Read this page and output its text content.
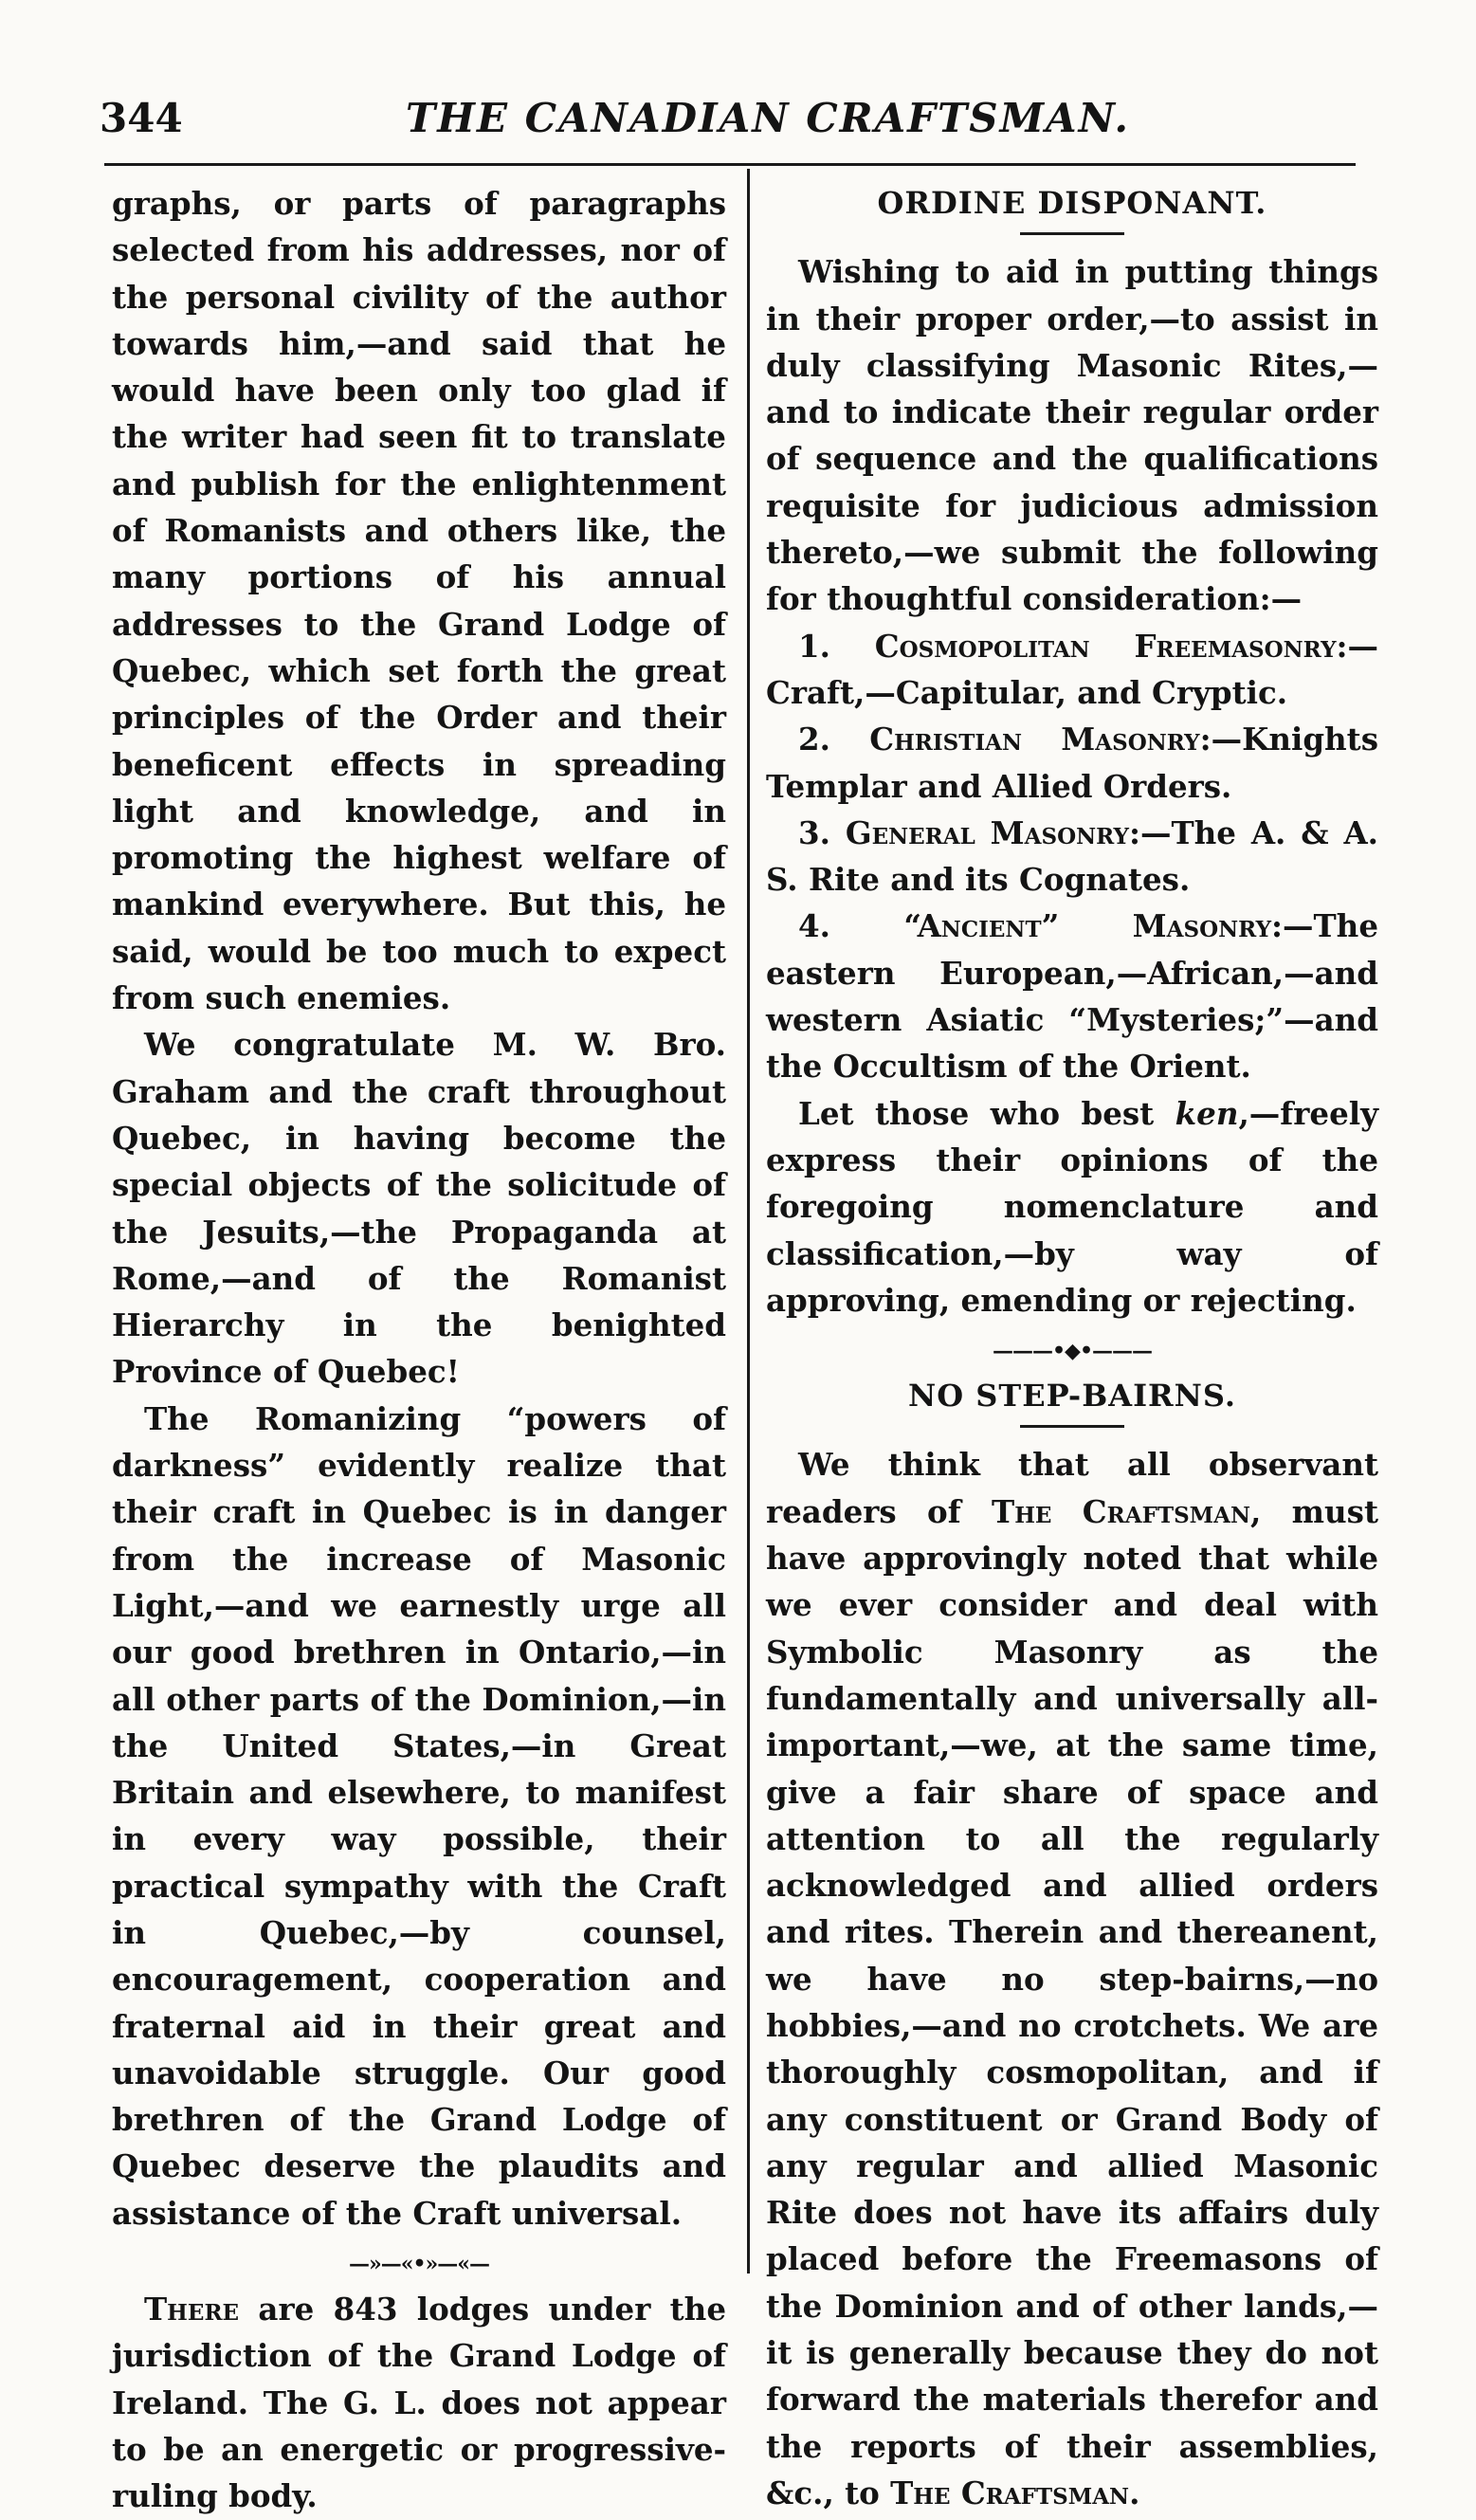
344	THE CANADIAN CRAFTSMAN.

graphs, or parts of paragraphs selected from his addresses, nor of the personal civility of the author towards him,—and said that he would have been only too glad if the writer had seen fit to translate and publish for the enlightenment of Romanists and others like, the many portions of his annual addresses to the Grand Lodge of Quebec, which set forth the great principles of the Order and their beneficent effects in spreading light and knowledge, and in promoting the highest welfare of mankind everywhere. But this, he said, would be too much to expect from such enemies.

We congratulate M. W. Bro. Graham and the craft throughout Quebec, in having become the special objects of the solicitude of the Jesuits,—the Propaganda at Rome,—and of the Romanist Hierarchy in the benighted Province of Quebec!

The Romanizing “powers of darkness” evidently realize that their craft in Quebec is in danger from the increase of Masonic Light,—and we earnestly urge all our good brethren in Ontario,—in all other parts of the Dominion,—in the United States,—in Great Britain and elsewhere, to manifest in every way possible, their practical sympathy with the Craft in Quebec,—by counsel, encouragement, cooperation and fraternal aid in their great and unavoidable struggle. Our good brethren of the Grand Lodge of Quebec deserve the plaudits and assistance of the Craft universal.

—»—«•»—«—

There are 843 lodges under the jurisdiction of the Grand Lodge of Ireland. The G. L. does not appear to be an energetic or progressive-ruling body.

ORDINE DISPONANT.

Wishing to aid in putting things in their proper order,—to assist in duly classifying Masonic Rites,—and to indicate their regular order of sequence and the qualifications requisite for judicious admission thereto,—we submit the following for thoughtful consideration:—

1. Cosmopolitan Freemasonry:—Craft,—Capitular, and Cryptic.

2. Christian Masonry:—Knights Templar and Allied Orders.

3. General Masonry:—The A. & A. S. Rite and its Cognates.

4. “Ancient” Masonry:—The eastern European,—African,—and western Asiatic “Mysteries;”—and the Occultism of the Orient.

Let those who best ken,—freely express their opinions of the foregoing nomenclature and classification,—by way of approving, emending or rejecting.

———•◆•———

NO STEP-BAIRNS.

We think that all observant readers of The Craftsman, must have approvingly noted that while we ever consider and deal with Symbolic Masonry as the fundamentally and universally all-important,—we, at the same time, give a fair share of space and attention to all the regularly acknowledged and allied orders and rites. Therein and thereanent, we have no step-bairns,—no hobbies,—and no crotchets. We are thoroughly cosmopolitan, and if any constituent or Grand Body of any regular and allied Masonic Rite does not have its affairs duly placed before the Freemasons of the Dominion and of other lands,—it is generally because they do not forward the materials therefor and the reports of their assemblies, &c., to The Craftsman.
